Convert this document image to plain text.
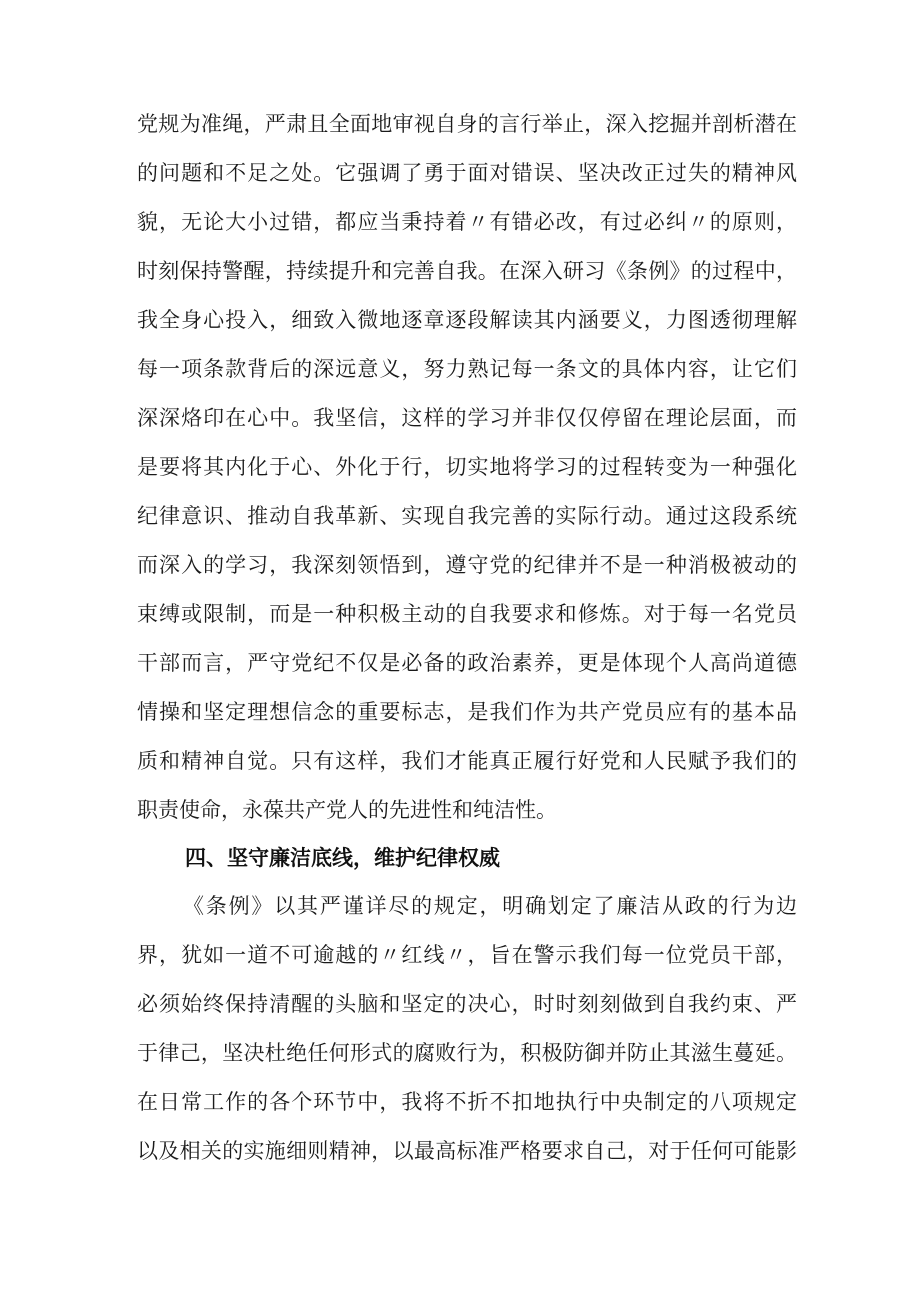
党规为准绳，严肃且全面地审视自身的言行举止，深入挖掘并剖析潜在
的问题和不足之处。它强调了勇于面对错误、坚决改正过失的精神风
貌，无论大小过错，都应当秉持着〃有错必改，有过必纠〃的原则，
时刻保持警醒，持续提升和完善自我。在深入研习《条例》的过程中，
我全身心投入，细致入微地逐章逐段解读其内涵要义，力图透彻理解
每一项条款背后的深远意义，努力熟记每一条文的具体内容，让它们
深深烙印在心中。我坚信，这样的学习并非仅仅停留在理论层面，而
是要将其内化于心、外化于行，切实地将学习的过程转变为一种强化
纪律意识、推动自我革新、实现自我完善的实际行动。通过这段系统
而深入的学习，我深刻领悟到，遵守党的纪律并不是一种消极被动的
束缚或限制，而是一种积极主动的自我要求和修炼。对于每一名党员
干部而言，严守党纪不仅是必备的政治素养，更是体现个人高尚道德
情操和坚定理想信念的重要标志，是我们作为共产党员应有的基本品
质和精神自觉。只有这样，我们才能真正履行好党和人民赋予我们的
职责使命，永葆共产党人的先进性和纯洁性。
四、坚守廉洁底线，维护纪律权威
《条例》以其严谨详尽的规定，明确划定了廉洁从政的行为边
界，犹如一道不可逾越的〃红线〃，旨在警示我们每一位党员干部，
必须始终保持清醒的头脑和坚定的决心，时时刻刻做到自我约束、严
于律己，坚决杜绝任何形式的腐败行为，积极防御并防止其滋生蔓延。
在日常工作的各个环节中，我将不折不扣地执行中央制定的八项规定
以及相关的实施细则精神，以最高标准严格要求自己，对于任何可能影
